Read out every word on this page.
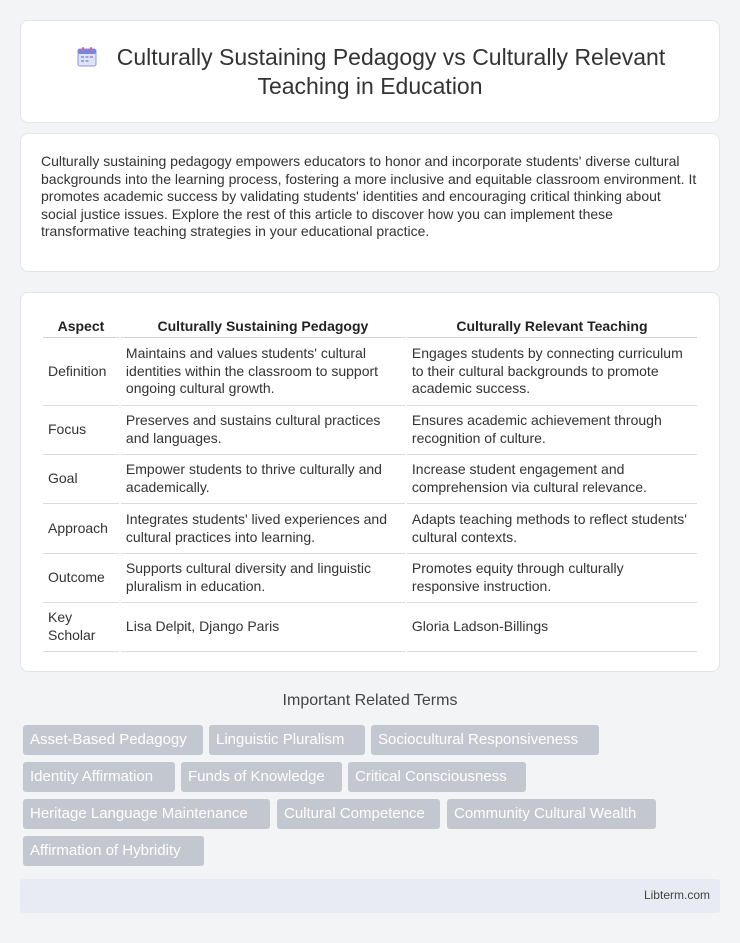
Culturally Sustaining Pedagogy vs Culturally Relevant
Teaching in Education

Culturally sustaining pedagogy empowers educators to honor and incorporate students' diverse cultural backgrounds into the learning process, fostering a more inclusive and equitable classroom environment. It promotes academic success by validating students' identities and encouraging critical thinking about social justice issues. Explore the rest of this article to discover how you can implement these transformative teaching strategies in your educational practice.

Aspect	Culturally Sustaining Pedagogy	Culturally Relevant Teaching
Definition	Maintains and values students' cultural identities within the classroom to support ongoing cultural growth.	Engages students by connecting curriculum to their cultural backgrounds to promote academic success.
Focus	Preserves and sustains cultural practices and languages.	Ensures academic achievement through recognition of culture.
Goal	Empower students to thrive culturally and academically.	Increase student engagement and comprehension via cultural relevance.
Approach	Integrates students' lived experiences and cultural practices into learning.	Adapts teaching methods to reflect students' cultural contexts.
Outcome	Supports cultural diversity and linguistic pluralism in education.	Promotes equity through culturally responsive instruction.
Key Scholar	Lisa Delpit, Django Paris	Gloria Ladson-Billings
Important Related Terms
Asset-Based Pedagogy	Linguistic Pluralism	Sociocultural Responsiveness
Identity Affirmation	Funds of Knowledge	Critical Consciousness
Heritage Language Maintenance	Cultural Competence	Community Cultural Wealth
Affirmation of Hybridity
Libterm.com
